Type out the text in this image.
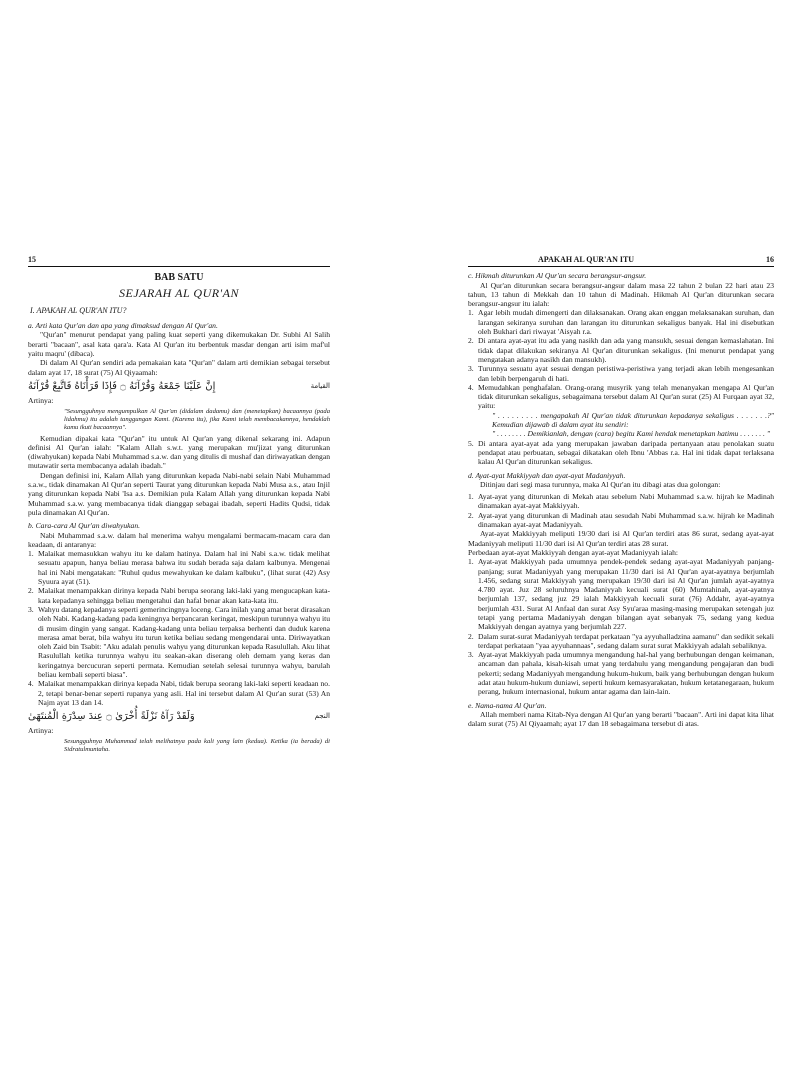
15
BAB SATU
SEJARAH AL QUR'AN
I. APAKAH AL QUR'AN ITU?

a. Arti kata Qur'an dan apa yang dimaksud dengan Al Qur'an.

"Qur'an" menurut pendapat yang paling kuat seperti yang dikemukakan Dr. Subhi Al Salih berarti "bacaan", asal kata qara'a. Kata Al Qur'an itu berbentuk masdar dengan arti isim maf'ul yaitu maqru' (dibaca).

Di dalam Al Qur'an sendiri ada pemakaian kata "Qur'an" dalam arti demikian sebagai tersebut dalam ayat 17, 18 surat (75) Al Qiyaamah:

القيامة
إِنَّ عَلَيْنَا جَمْعَهُ وَقُرْآنَهُ ۝ فَإِذَا قَرَأْنَاهُ فَاتَّبِعْ قُرْآنَهُ
Artinya:

"Sesungguhnya mengumpulkan Al Qur'an (didalam dadamu) dan (menetapkan) bacaannya (pada lidahmu) itu adalah tanggungan Kami. (Karena itu), jika Kami telah membacakannya, hendaklah kamu ikuti bacaannya".

Kemudian dipakai kata "Qur'an" itu untuk Al Qur'an yang dikenal sekarang ini. Adapun definisi Al Qur'an ialah: "Kalam Allah s.w.t. yang merupakan mu'jizat yang diturunkan (diwahyukan) kepada Nabi Muhammad s.a.w. dan yang ditulis di mushaf dan diriwayatkan dengan mutawatir serta membacanya adalah ibadah."

Dengan definisi ini, Kalam Allah yang diturunkan kepada Nabi-nabi selain Nabi Muhammad s.a.w., tidak dinamakan Al Qur'an seperti Taurat yang diturunkan kepada Nabi Musa a.s., atau Injil yang diturunkan kepada Nabi 'Isa a.s. Demikian pula Kalam Allah yang diturunkan kepada Nabi Muhammad s.a.w. yang membacanya tidak dianggap sebagai ibadah, seperti Hadits Qudsi, tidak pula dinamakan Al Qur'an.

b. Cara-cara Al Qur'an diwahyukan.

Nabi Muhammad s.a.w. dalam hal menerima wahyu mengalami bermacam-macam cara dan keadaan, di antaranya:

1. Malaikat memasukkan wahyu itu ke dalam hatinya. Dalam hal ini Nabi s.a.w. tidak melihat sesuatu apapun, hanya beliau merasa bahwa itu sudah berada saja dalam kalbunya. Mengenai hal ini Nabi mengatakan: "Ruhul qudus mewahyukan ke dalam kalbuku", (lihat surat (42) Asy Syuura ayat (51).
2. Malaikat menampakkan dirinya kepada Nabi berupa seorang laki-laki yang mengucapkan kata-kata kepadanya sehingga beliau mengetahui dan hafal benar akan kata-kata itu.
3. Wahyu datang kepadanya seperti gemerincingnya loceng. Cara inilah yang amat berat dirasakan oleh Nabi. Kadang-kadang pada keningnya berpancaran keringat, meskipun turunnya wahyu itu di musim dingin yang sangat. Kadang-kadang unta beliau terpaksa berhenti dan duduk karena merasa amat berat, bila wahyu itu turun ketika beliau sedang mengendarai unta. Diriwayatkan oleh Zaid bin Tsabit: "Aku adalah penulis wahyu yang diturunkan kepada Rasulullah. Aku lihat Rasulullah ketika turunnya wahyu itu seakan-akan diserang oleh demam yang keras dan keringatnya bercucuran seperti permata. Kemudian setelah selesai turunnya wahyu, barulah beliau kembali seperti biasa".
4. Malaikat menampakkan dirinya kepada Nabi, tidak berupa seorang laki-laki seperti keadaan no. 2, tetapi benar-benar seperti rupanya yang asli. Hal ini tersebut dalam Al Qur'an surat (53) An Najm ayat 13 dan 14.
النجم
وَلَقَدْ رَآهُ نَزْلَةً أُخْرَىٰ ۝ عِندَ سِدْرَةِ الْمُنتَهَىٰ
Artinya:

Sesungguhnya Muhammad telah melihatnya pada kali yang lain (kedua). Ketika (ia berada) di Sidratulmuntaha.

APAKAH AL QUR'AN ITU	16

c. Hikmah diturunkan Al Qur'an secara berangsur-angsur.

Al Qur'an diturunkan secara berangsur-angsur dalam masa 22 tahun 2 bulan 22 hari atau 23 tahun, 13 tahun di Mekkah dan 10 tahun di Madinah. Hikmah Al Qur'an diturunkan secara berangsur-angsur itu ialah:

1. Agar lebih mudah dimengerti dan dilaksanakan. Orang akan enggan melaksanakan suruhan, dan larangan sekiranya suruhan dan larangan itu diturunkan sekaligus banyak. Hal ini disebutkan oleh Bukhari dari riwayat 'Aisyah r.a.
2. Di antara ayat-ayat itu ada yang nasikh dan ada yang mansukh, sesuai dengan kemaslahatan. Ini tidak dapat dilakukan sekiranya Al Qur'an diturunkan sekaligus. (Ini menurut pendapat yang mengatakan adanya nasikh dan mansukh).
3. Turunnya sesuatu ayat sesuai dengan peristiwa-peristiwa yang terjadi akan lebih mengesankan dan lebih berpengaruh di hati.
4. Memudahkan penghafalan. Orang-orang musyrik yang telah menanyakan mengapa Al Qur'an tidak diturunkan sekaligus, sebagaimana tersebut dalam Al Qur'an surat (25) Al Furqaan ayat 32, yaitu:

" . . . . . . . . . mengapakah Al Qur'an tidak diturunkan kepadanya sekaligus . . . . . . .?" Kemudian dijawab di dalam ayat itu sendiri:

" . . . . . . . . Demikianlah, dengan (cara) begitu Kami hendak menetapkan hatimu . . . . . . . "

5. Di antara ayat-ayat ada yang merupakan jawaban daripada pertanyaan atau penolakan suatu pendapat atau perbuatan, sebagai dikatakan oleh Ibnu 'Abbas r.a. Hal ini tidak dapat terlaksana kalau Al Qur'an diturunkan sekaligus.

d. Ayat-ayat Makkiyyah dan ayat-ayat Madaniyyah.

Ditinjau dari segi masa turunnya, maka Al Qur'an itu dibagi atas dua golongan:

1. Ayat-ayat yang diturunkan di Mekah atau sebelum Nabi Muhammad s.a.w. hijrah ke Madinah dinamakan ayat-ayat Makkiyyah.
2. Ayat-ayat yang diturunkan di Madinah atau sesudah Nabi Muhammad s.a.w. hijrah ke Madinah dinamakan ayat-ayat Madaniyyah.

Ayat-ayat Makkiyyah meliputi 19/30 dari isi Al Qur'an terdiri atas 86 surat, sedang ayat-ayat Madaniyyah meliputi 11/30 dari isi Al Qur'an terdiri atas 28 surat.

Perbedaan ayat-ayat Makkiyyah dengan ayat-ayat Madaniyyah ialah:

1. Ayat-ayat Makkiyyah pada umumnya pendek-pendek sedang ayat-ayat Madaniyyah panjang-panjang; surat Madaniyyah yang merupakan 11/30 dari isi Al Qur'an ayat-ayatnya berjumlah 1.456, sedang surat Makkiyyah yang merupakan 19/30 dari isi Al Qur'an jumlah ayat-ayatnya 4.780 ayat. Juz 28 seluruhnya Madaniyyah kecuali surat (60) Mumtahinah, ayat-ayatnya berjumlah 137, sedang juz 29 ialah Makkiyyah kecuali surat (76) Addahr, ayat-ayatnya berjumlah 431. Surat Al Anfaal dan surat Asy Syu'araa masing-masing merupakan setengah juz tetapi yang pertama Madaniyyah dengan bilangan ayat sebanyak 75, sedang yang kedua Makkiyyah dengan ayatnya yang berjumlah 227.
2. Dalam surat-surat Madaniyyah terdapat perkataan "ya ayyuhalladzina aamanu" dan sedikit sekali terdapat perkataan "yaa ayyuhannaas", sedang dalam surat surat Makkiyyah adalah sebaliknya.
3. Ayat-ayat Makkiyyah pada umumnya mengandung hal-hal yang berhubungan dengan keimanan, ancaman dan pahala, kisah-kisah umat yang terdahulu yang mengandung pengajaran dan budi pekerti; sedang Madaniyyah mengandung hukum-hukum, baik yang berhubungan dengan hukum adat atau hukum-hukum duniawi, seperti hukum kemasyarakatan, hukum ketatanegaraan, hukum perang, hukum internasional, hukum antar agama dan lain-lain.

e. Nama-nama Al Qur'an.

Allah memberi nama Kitab-Nya dengan Al Qur'an yang berarti "bacaan". Arti ini dapat kita lihat dalam surat (75) Al Qiyaamah; ayat 17 dan 18 sebagaimana tersebut di atas.
